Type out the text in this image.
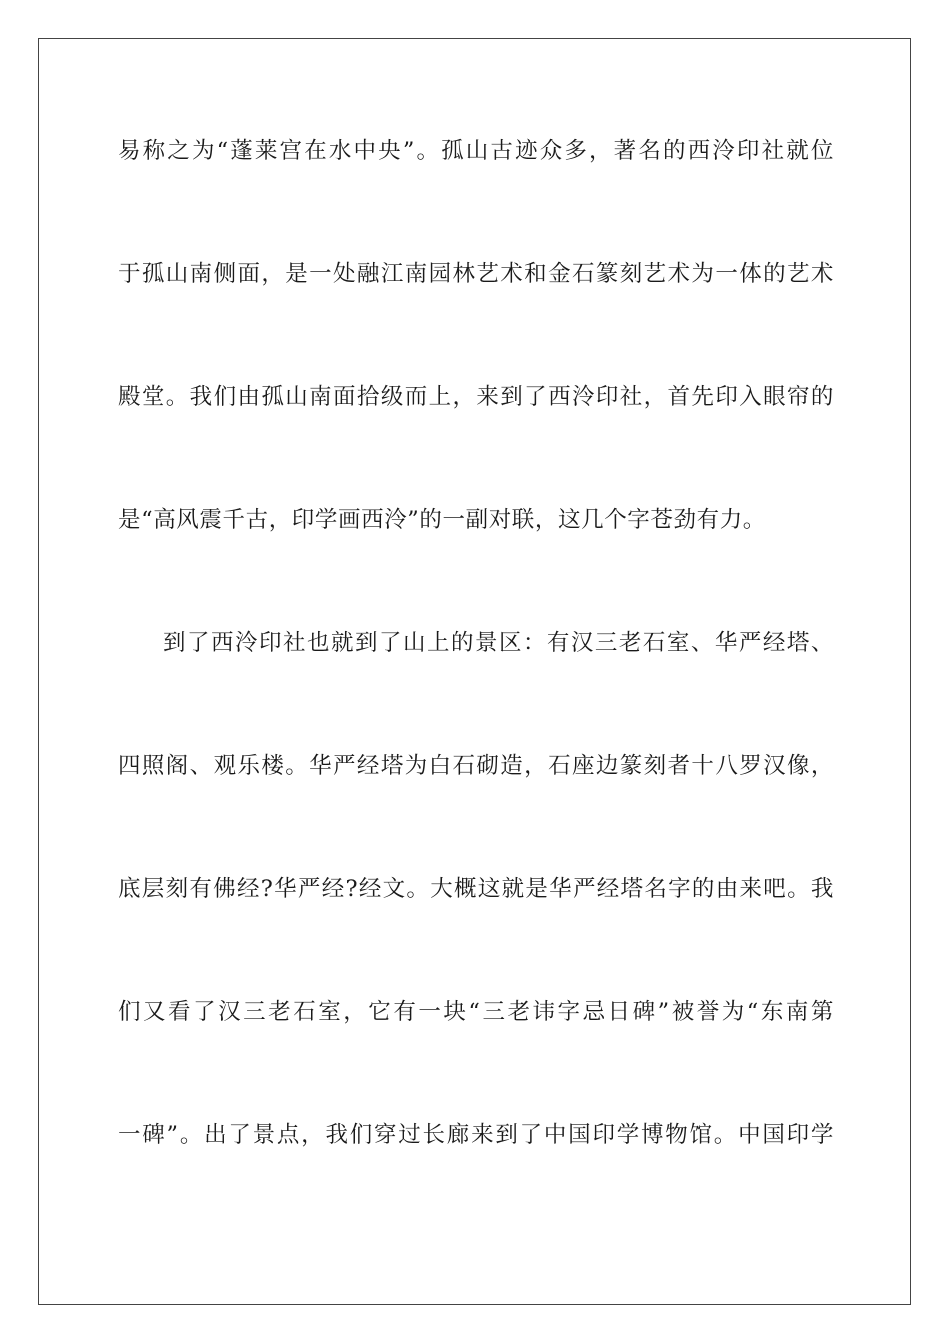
易称之为“蓬莱宫在水中央”。孤山古迹众多，著名的西泠印社就位
于孤山南侧面，是一处融江南园林艺术和金石篆刻艺术为一体的艺术
殿堂。我们由孤山南面拾级而上，来到了西泠印社，首先印入眼帘的
是“高风震千古，印学画西泠”的一副对联，这几个字苍劲有力。
到了西泠印社也就到了山上的景区：有汉三老石室、华严经塔、
四照阁、观乐楼。华严经塔为白石砌造，石座边篆刻者十八罗汉像，
底层刻有佛经?华严经?经文。大概这就是华严经塔名字的由来吧。我
们又看了汉三老石室，它有一块“三老讳字忌日碑”被誉为“东南第
一碑”。出了景点，我们穿过长廊来到了中国印学博物馆。中国印学
